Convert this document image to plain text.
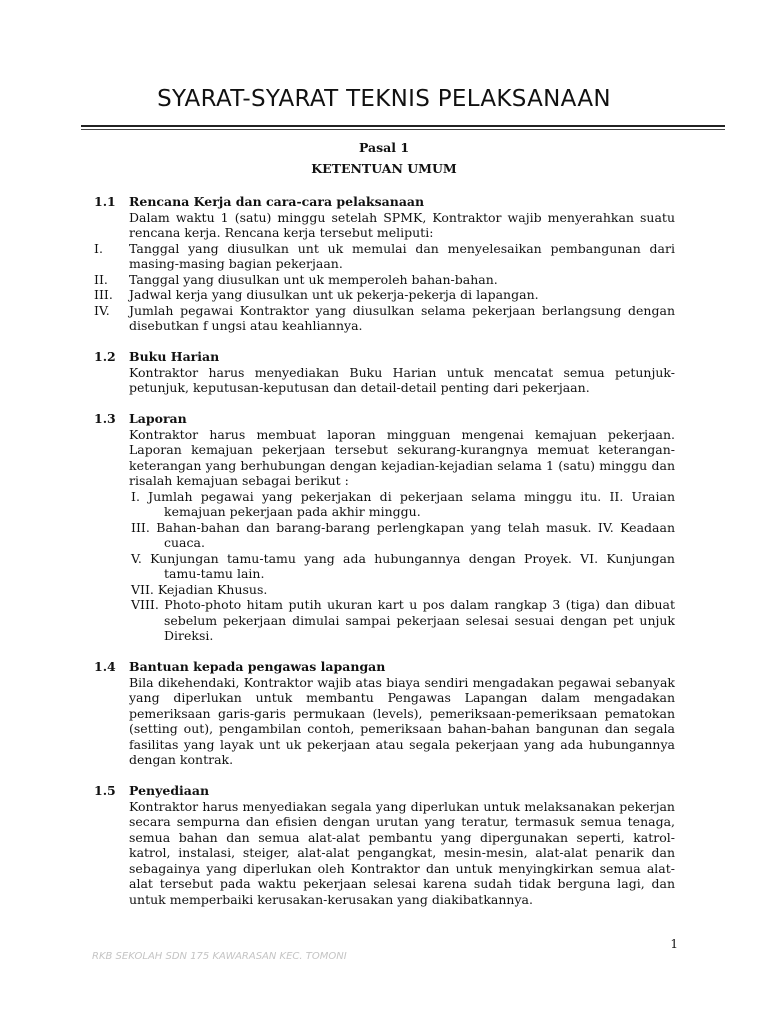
SYARAT-SYARAT TEKNIS PELAKSANAAN
Pasal 1
KETENTUAN UMUM
1.1	Rencana Kerja dan cara-cara pelaksanaan
Dalam waktu 1 (satu) minggu setelah SPMK, Kontraktor wajib menyerahkan suatu rencana kerja. Rencana kerja tersebut meliputi:
I.	Tanggal yang diusulkan unt uk memulai dan menyelesaikan pembangunan dari masing-masing bagian pekerjaan.
II.	Tanggal yang diusulkan unt uk memperoleh bahan-bahan.
III.	Jadwal kerja yang diusulkan unt uk pekerja-pekerja di lapangan.
IV.	Jumlah pegawai Kontraktor yang diusulkan selama pekerjaan berlangsung dengan disebutkan f ungsi atau keahliannya.
1.2	Buku Harian
Kontraktor harus menyediakan Buku Harian untuk mencatat semua petunjuk-petunjuk, keputusan-keputusan dan detail-detail penting dari pekerjaan.
1.3	Laporan
Kontraktor harus membuat laporan mingguan mengenai kemajuan pekerjaan. Laporan kemajuan pekerjaan tersebut sekurang-kurangnya memuat keterangan-keterangan yang berhubungan dengan kejadian-kejadian selama 1 (satu) minggu dan risalah kemajuan sebagai berikut :
I. Jumlah pegawai yang pekerjakan di pekerjaan selama minggu itu. II. Uraian kemajuan pekerjaan pada akhir minggu.
III. Bahan-bahan dan barang-barang perlengkapan yang telah masuk. IV. Keadaan cuaca.
V. Kunjungan tamu-tamu yang ada hubungannya dengan Proyek. VI. Kunjungan tamu-tamu lain.
VII. Kejadian Khusus.
VIII. Photo-photo hitam putih ukuran kart u pos dalam rangkap 3 (tiga) dan dibuat sebelum pekerjaan dimulai sampai pekerjaan selesai sesuai dengan pet unjuk Direksi.
1.4	Bantuan kepada pengawas lapangan
Bila dikehendaki, Kontraktor wajib atas biaya sendiri mengadakan pegawai sebanyak yang diperlukan untuk membantu Pengawas Lapangan dalam mengadakan pemeriksaan garis-garis permukaan (levels), pemeriksaan-pemeriksaan pematokan (setting out), pengambilan contoh, pemeriksaan bahan-bahan bangunan dan segala fasilitas yang layak unt uk pekerjaan atau segala pekerjaan yang ada hubungannya dengan kontrak.
1.5	Penyediaan
Kontraktor harus menyediakan segala yang diperlukan untuk melaksanakan pekerjan secara sempurna dan efisien dengan urutan yang teratur, termasuk semua tenaga, semua bahan dan semua alat-alat pembantu yang dipergunakan seperti, katrol-katrol, instalasi, steiger, alat-alat pengangkat, mesin-mesin, alat-alat penarik dan sebagainya yang diperlukan oleh Kontraktor dan untuk menyingkirkan semua alat-alat tersebut pada waktu pekerjaan selesai karena sudah tidak berguna lagi, dan untuk memperbaiki kerusakan-kerusakan yang diakibatkannya.
1
RKB SEKOLAH SDN 175 KAWARASAN KEC. TOMONI
